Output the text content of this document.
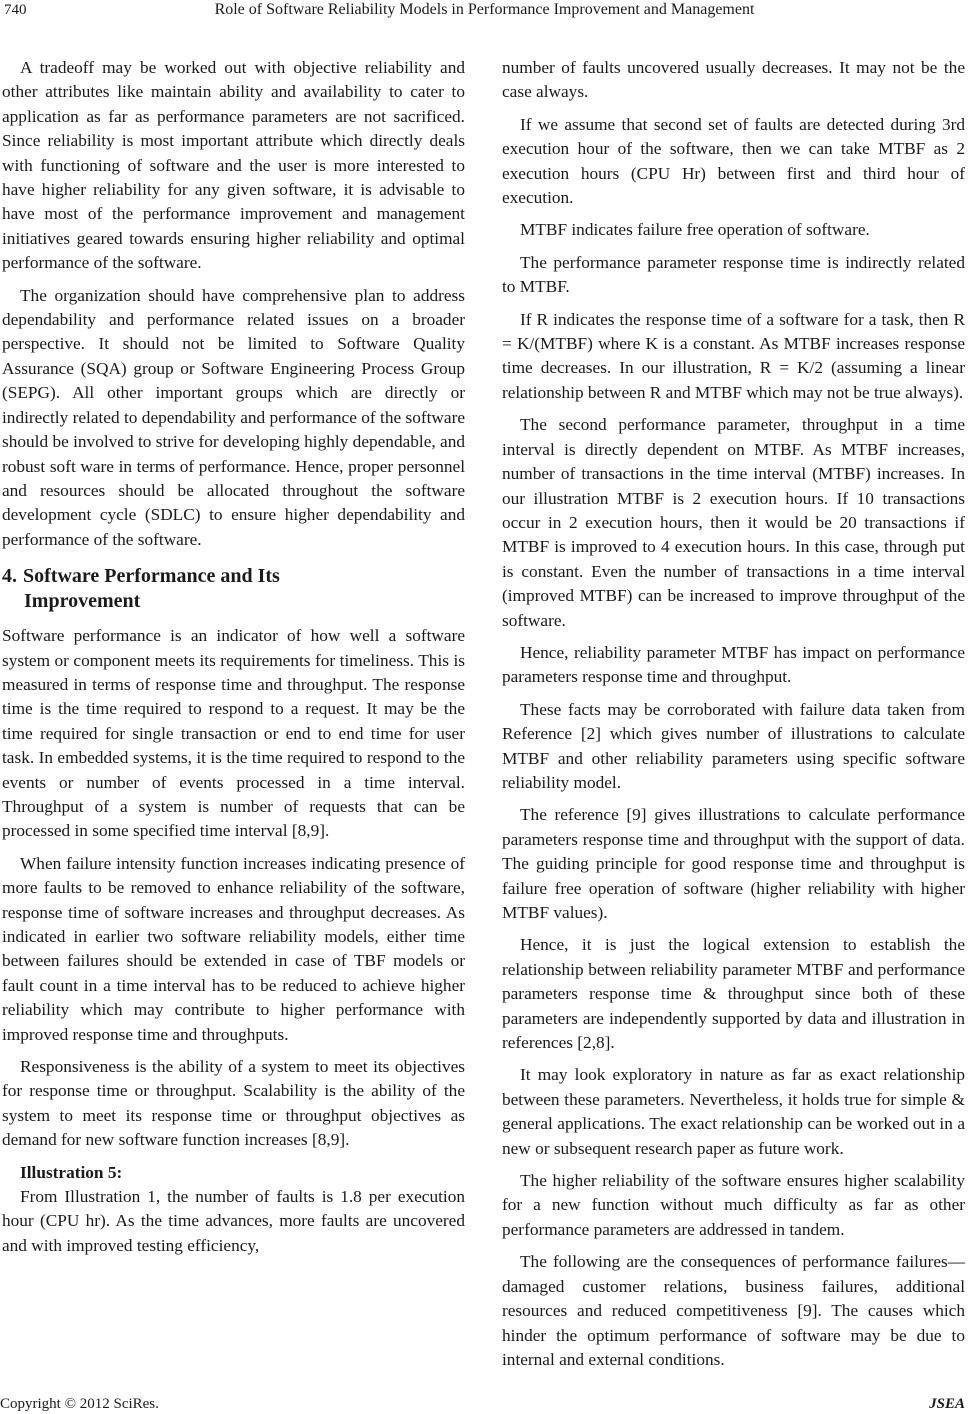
740	Role of Software Reliability Models in Performance Improvement and Management

A tradeoff may be worked out with objective reliability and other attributes like maintain ability and availability to cater to application as far as performance parameters are not sacrificed. Since reliability is most important attribute which directly deals with functioning of software and the user is more interested to have higher reliability for any given software, it is advisable to have most of the performance improvement and management initiatives geared towards ensuring higher reliability and optimal performance of the software.

The organization should have comprehensive plan to address dependability and performance related issues on a broader perspective. It should not be limited to Software Quality Assurance (SQA) group or Software Engineering Process Group (SEPG). All other important groups which are directly or indirectly related to dependability and performance of the software should be involved to strive for developing highly dependable, and robust soft ware in terms of performance. Hence, proper personnel and resources should be allocated throughout the software development cycle (SDLC) to ensure higher dependability and performance of the software.

4. Software Performance and Its
Improvement

Software performance is an indicator of how well a software system or component meets its requirements for timeliness. This is measured in terms of response time and throughput. The response time is the time required to respond to a request. It may be the time required for single transaction or end to end time for user task. In embedded systems, it is the time required to respond to the events or number of events processed in a time interval. Throughput of a system is number of requests that can be processed in some specified time interval [8,9].

When failure intensity function increases indicating presence of more faults to be removed to enhance reliability of the software, response time of software increases and throughput decreases. As indicated in earlier two software reliability models, either time between failures should be extended in case of TBF models or fault count in a time interval has to be reduced to achieve higher reliability which may contribute to higher performance with improved response time and throughputs.

Responsiveness is the ability of a system to meet its objectives for response time or throughput. Scalability is the ability of the system to meet its response time or throughput objectives as demand for new software function increases [8,9].

Illustration 5:

From Illustration 1, the number of faults is 1.8 per execution hour (CPU hr). As the time advances, more faults are uncovered and with improved testing efficiency,

number of faults uncovered usually decreases. It may not be the case always.

If we assume that second set of faults are detected during 3rd execution hour of the software, then we can take MTBF as 2 execution hours (CPU Hr) between first and third hour of execution.

MTBF indicates failure free operation of software.

The performance parameter response time is indirectly related to MTBF.

If R indicates the response time of a software for a task, then R = K/(MTBF) where K is a constant. As MTBF increases response time decreases. In our illustration, R = K/2 (assuming a linear relationship between R and MTBF which may not be true always).

The second performance parameter, throughput in a time interval is directly dependent on MTBF. As MTBF increases, number of transactions in the time interval (MTBF) increases. In our illustration MTBF is 2 execution hours. If 10 transactions occur in 2 execution hours, then it would be 20 transactions if MTBF is improved to 4 execution hours. In this case, through put is constant. Even the number of transactions in a time interval (improved MTBF) can be increased to improve throughput of the software.

Hence, reliability parameter MTBF has impact on performance parameters response time and throughput.

These facts may be corroborated with failure data taken from Reference [2] which gives number of illustrations to calculate MTBF and other reliability parameters using specific software reliability model.

The reference [9] gives illustrations to calculate performance parameters response time and throughput with the support of data. The guiding principle for good response time and throughput is failure free operation of software (higher reliability with higher MTBF values).

Hence, it is just the logical extension to establish the relationship between reliability parameter MTBF and performance parameters response time & throughput since both of these parameters are independently supported by data and illustration in references [2,8].

It may look exploratory in nature as far as exact relationship between these parameters. Nevertheless, it holds true for simple & general applications. The exact relationship can be worked out in a new or subsequent research paper as future work.

The higher reliability of the software ensures higher scalability for a new function without much difficulty as far as other performance parameters are addressed in tandem.

The following are the consequences of performance failures—damaged customer relations, business failures, additional resources and reduced competitiveness [9]. The causes which hinder the optimum performance of software may be due to internal and external conditions.

Copyright © 2012 SciRes.	JSEA
